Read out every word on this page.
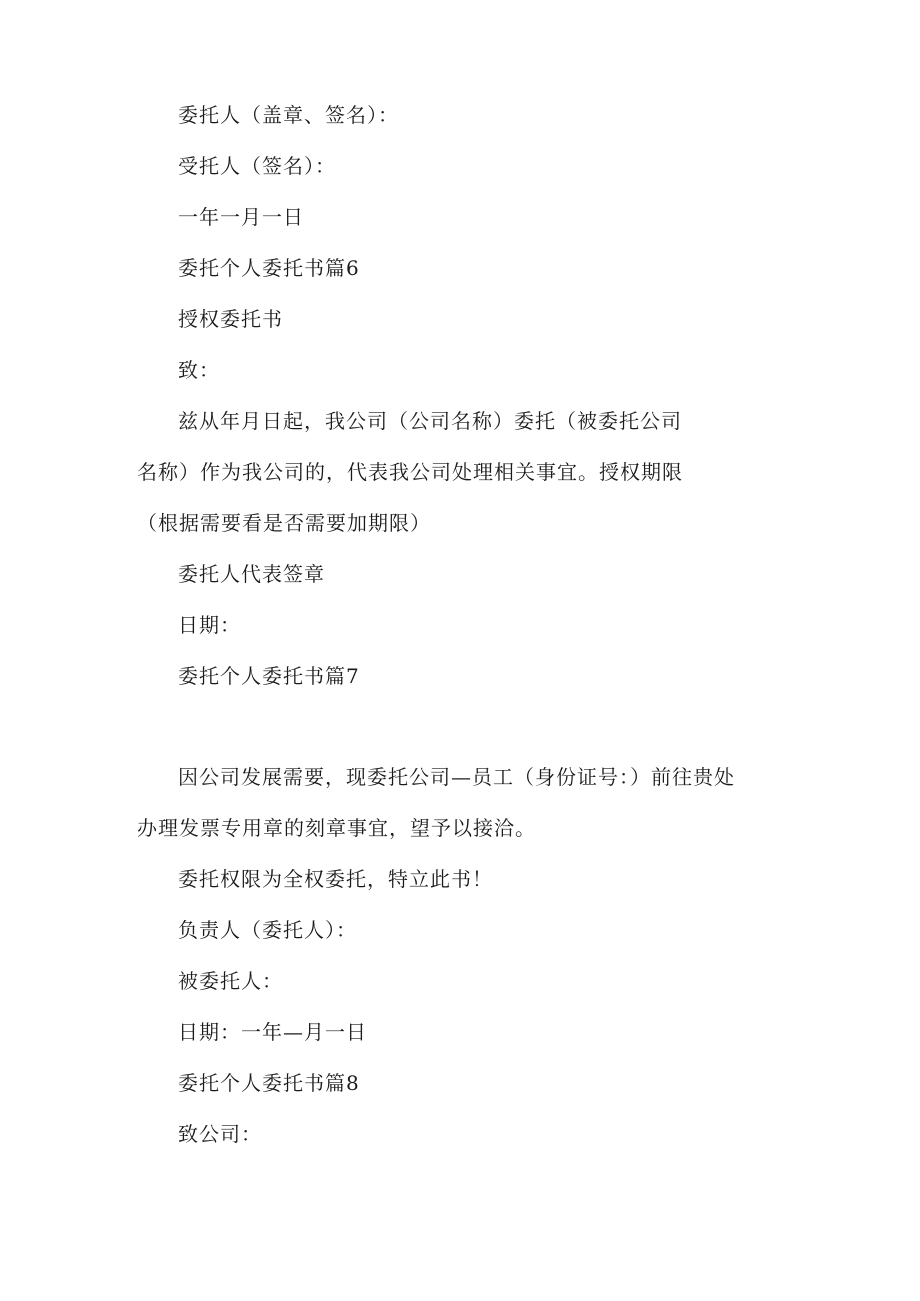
委托人（盖章、签名）：
受托人（签名）：
一年一月一日
委托个人委托书篇6
授权委托书
致：
兹从年月日起，我公司（公司名称）委托（被委托公司
名称）作为我公司的，代表我公司处理相关事宜。授权期限
（根据需要看是否需要加期限）
委托人代表签章
日期：
委托个人委托书篇7
因公司发展需要，现委托公司—员工（身份证号：）前往贵处
办理发票专用章的刻章事宜，望予以接洽。
委托权限为全权委托，特立此书！
负责人（委托人）：
被委托人：
日期：一年—月一日
委托个人委托书篇8
致公司：
